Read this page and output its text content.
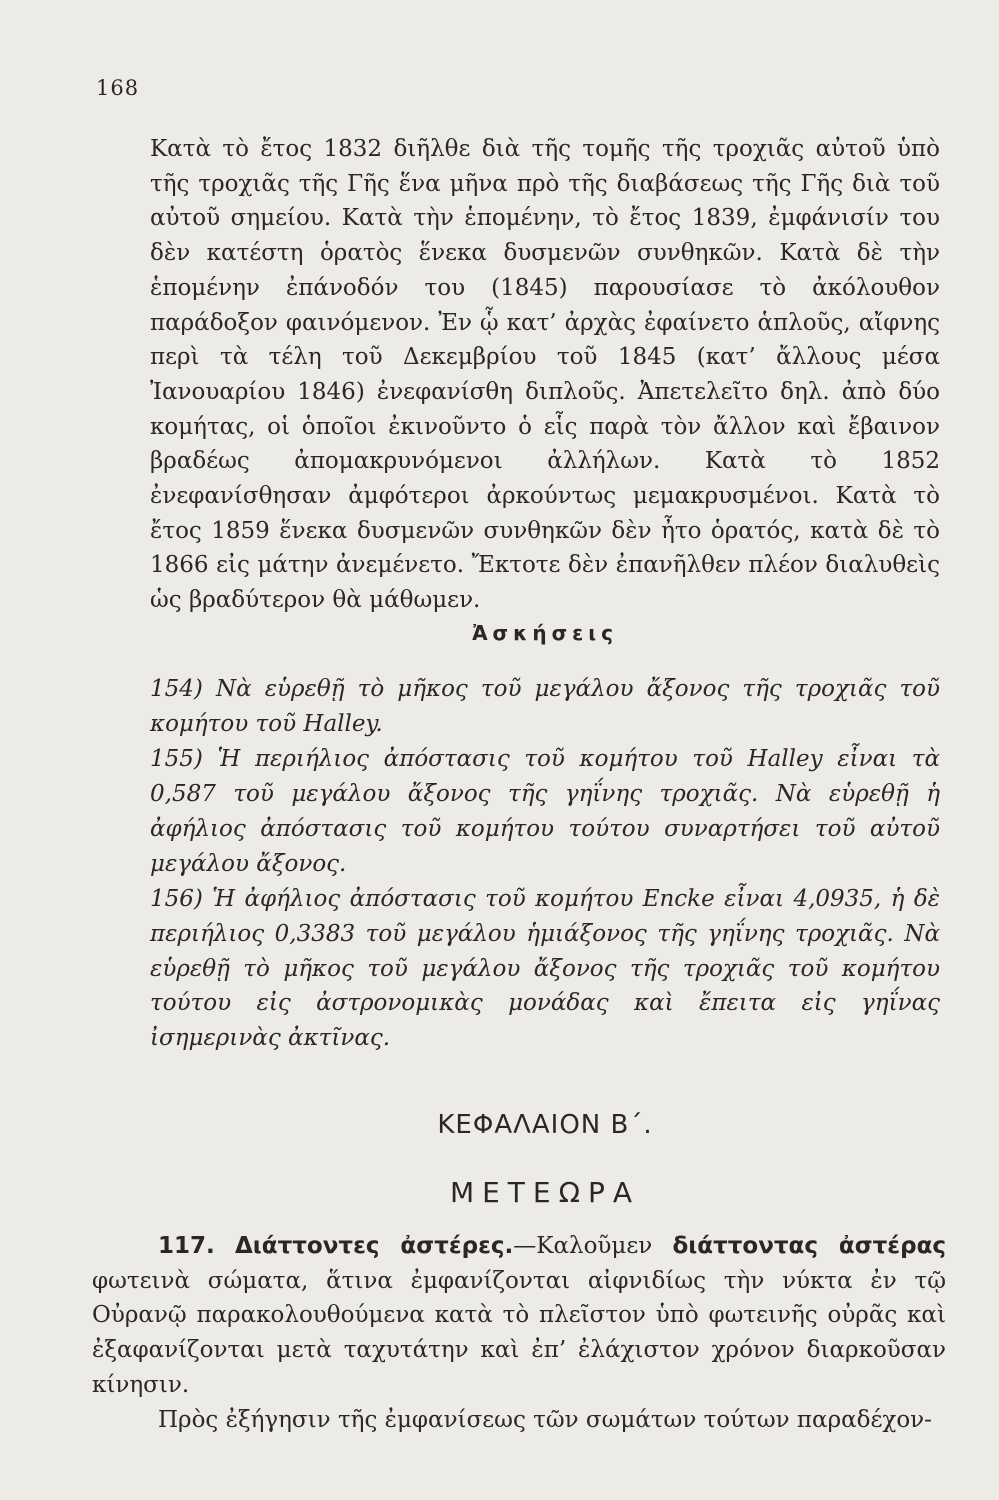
168
Κατὰ τὸ ἔτος 1832 διῆλθε διὰ τῆς τομῆς τῆς τροχιᾶς αὐτοῦ ὑπὸ τῆς τροχιᾶς τῆς Γῆς ἕνα μῆνα πρὸ τῆς διαβάσεως τῆς Γῆς διὰ τοῦ αὐτοῦ σημείου. Κατὰ τὴν ἑπομένην, τὸ ἔτος 1839, ἐμφάνισίν του δὲν κατέστη ὁρατὸς ἕνεκα δυσμενῶν συνθηκῶν. Κατὰ δὲ τὴν ἑπομένην ἐπάνοδόν του (1845) παρουσίασε τὸ ἀκόλουθον παράδοξον φαινόμενον. Ἐν ᾧ κατ’ ἀρχὰς ἐφαίνετο ἁπλοῦς, αἴφνης περὶ τὰ τέλη τοῦ Δεκεμβρίου τοῦ 1845 (κατ’ ἄλλους μέσα Ἰανουαρίου 1846) ἐνεφανίσθη διπλοῦς. Ἀπετελεῖτο δηλ. ἀπὸ δύο κομήτας, οἱ ὁποῖοι ἐκινοῦντο ὁ εἷς παρὰ τὸν ἄλλον καὶ ἔβαινον βραδέως ἀπομακρυνόμενοι ἀλλήλων. Κατὰ τὸ 1852 ἐνεφανίσθησαν ἀμφότεροι ἀρκούντως μεμακρυσμένοι. Κατὰ τὸ ἔτος 1859 ἕνεκα δυσμενῶν συνθηκῶν δὲν ἦτο ὁρατός, κατὰ δὲ τὸ 1866 εἰς μάτην ἀνεμένετο. Ἔκτοτε δὲν ἐπανῆλθεν πλέον διαλυθεὶς ὡς βραδύτερον θὰ μάθωμεν.
Ἀσκήσεις

154) Νὰ εὑρεθῇ τὸ μῆκος τοῦ μεγάλου ἄξονος τῆς τροχιᾶς τοῦ κομήτου τοῦ Halley.

155) Ἡ περιήλιος ἀπόστασις τοῦ κομήτου τοῦ Halley εἶναι τὰ 0,587 τοῦ μεγάλου ἄξονος τῆς γηΐνης τροχιᾶς. Νὰ εὑρεθῇ ἡ ἀφήλιος ἀπόστασις τοῦ κομήτου τούτου συναρτήσει τοῦ αὐτοῦ μεγάλου ἄξονος.

156) Ἡ ἀφήλιος ἀπόστασις τοῦ κομήτου Encke εἶναι 4,0935, ἡ δὲ περιήλιος 0,3383 τοῦ μεγάλου ἡμιάξονος τῆς γηΐνης τροχιᾶς. Νὰ εὑρεθῇ τὸ μῆκος τοῦ μεγάλου ἄξονος τῆς τροχιᾶς τοῦ κομήτου τούτου εἰς ἀστρονομικὰς μονάδας καὶ ἔπειτα εἰς γηΐνας ἰσημερινὰς ἀκτῖνας.

ΚΕΦΑΛΑΙΟΝ Β΄.
ΜΕΤΕΩΡΑ

117. Διάττοντες ἀστέρες.—Καλοῦμεν διάττοντας ἀστέρας φωτεινὰ σώματα, ἅτινα ἐμφανίζονται αἰφνιδίως τὴν νύκτα ἐν τῷ Οὐρανῷ παρακολουθούμενα κατὰ τὸ πλεῖστον ὑπὸ φωτεινῆς οὐρᾶς καὶ ἐξαφανίζονται μετὰ ταχυτάτην καὶ ἐπ’ ἐλάχιστον χρόνον διαρκοῦσαν κίνησιν.

Πρὸς ἐξήγησιν τῆς ἐμφανίσεως τῶν σωμάτων τούτων παραδέχον-
